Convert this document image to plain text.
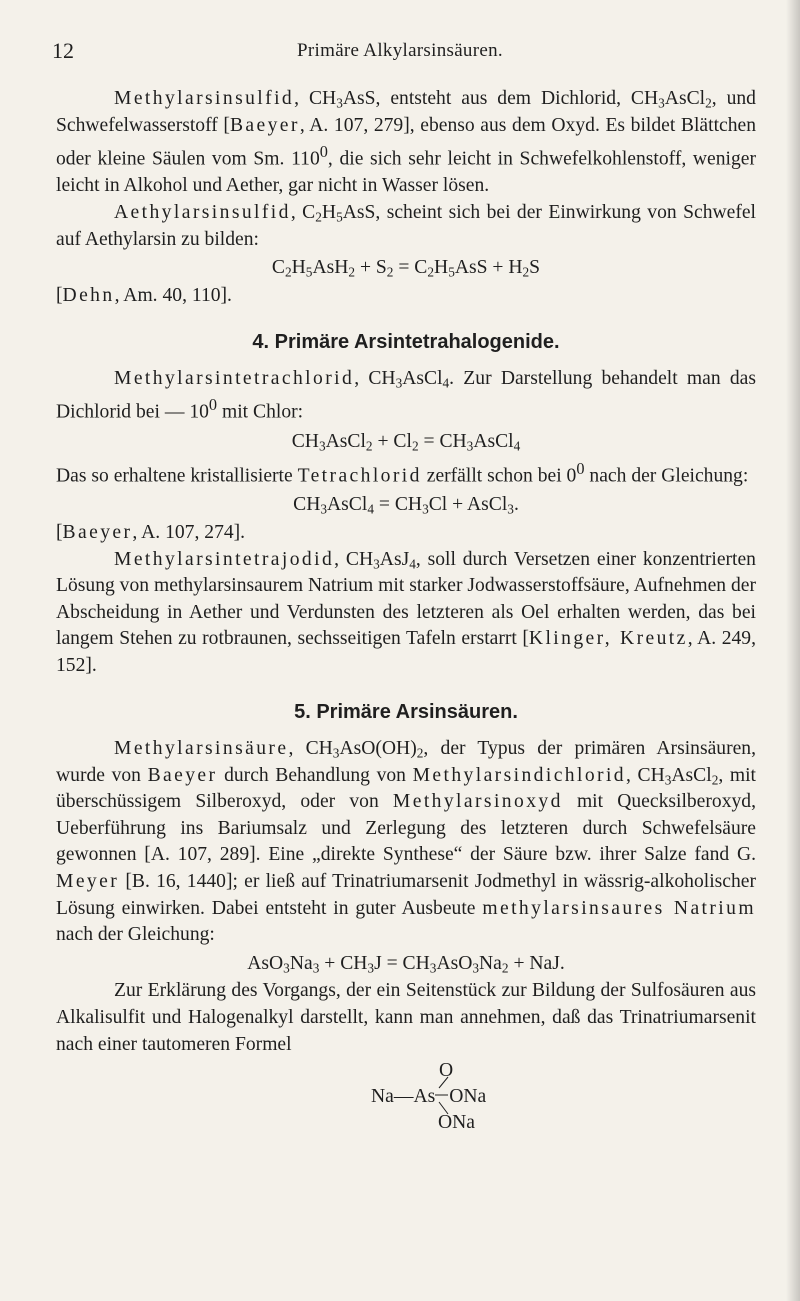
12	Primäre Alkylarsinsäuren.

Methylarsinsulfid, $CH_3AsS$, entsteht aus dem Dichlorid, $CH_3AsCl_2$, und Schwefelwasserstoff [Baeyer, A. 107, 279], ebenso aus dem Oxyd. Es bildet Blättchen oder kleine Säulen vom Sm. $110^0$, die sich sehr leicht in Schwefelkohlenstoff, weniger leicht in Alkohol und Aether, gar nicht in Wasser lösen.

Aethylarsinsulfid, $C_2H_5AsS$, scheint sich bei der Einwirkung von Schwefel auf Aethylarsin zu bilden:

$C_2H_5AsH_2 + S_2 = C_2H_5AsS + H_2S$

[Dehn, Am. 40, 110].

4. Primäre Arsintetrahalogenide.

Methylarsintetrachlorid, $CH_3AsCl_4$. Zur Darstellung behandelt man das Dichlorid bei — $10^0$ mit Chlor:

$CH_3AsCl_2 + Cl_2$ = $CH_3AsCl_4$

Das so erhaltene kristallisierte Tetrachlorid zerfällt schon bei $0^0$ nach der Gleichung:

$CH_3AsCl_4 = CH_3Cl$ + AsCl$_3$.

[Baeyer, A. 107, 274].

Methylarsintetrajodid, $CH_3AsJ_4$, soll durch Versetzen einer konzentrierten Lösung von methylarsinsaurem Natrium mit starker Jodwasserstoffsäure, Aufnehmen der Abscheidung in Aether und Verdunsten des letzteren als Oel erhalten werden, das bei langem Stehen zu rotbraunen, sechsseitigen Tafeln erstarrt [Klinger, Kreutz, A. 249, 152].

5. Primäre Arsinsäuren.

Methylarsinsäure, $CH_3AsO(OH)_2$, der Typus der primären Arsinsäuren, wurde von Baeyer durch Behandlung von Methylarsindichlorid, $CH_3AsCl_2$, mit überschüssigem Silberoxyd, oder von Methylarsinoxyd mit Quecksilberoxyd, Ueberführung ins Bariumsalz und Zerlegung des letzteren durch Schwefelsäure gewonnen [A. 107, 289]. Eine „direkte Synthese“ der Säure bzw. ihrer Salze fand G. Meyer [B. 16, 1440]; er ließ auf Trinatriumarsenit Jodmethyl in wässrig-alkoholischer Lösung einwirken. Dabei entsteht in guter Ausbeute methylarsinsaures Natrium nach der Gleichung:

$AsO_3Na_3 + CH_3J = CH_3AsO_3Na_2$ + NaJ.

Zur Erklärung des Vorgangs, der ein Seitenstück zur Bildung der Sulfosäuren aus Alkalisulfit und Halogenalkyl darstellt, kann man annehmen, daß das Trinatriumarsenit nach einer tautomeren Formel

O
Na—As ONa
ONa
